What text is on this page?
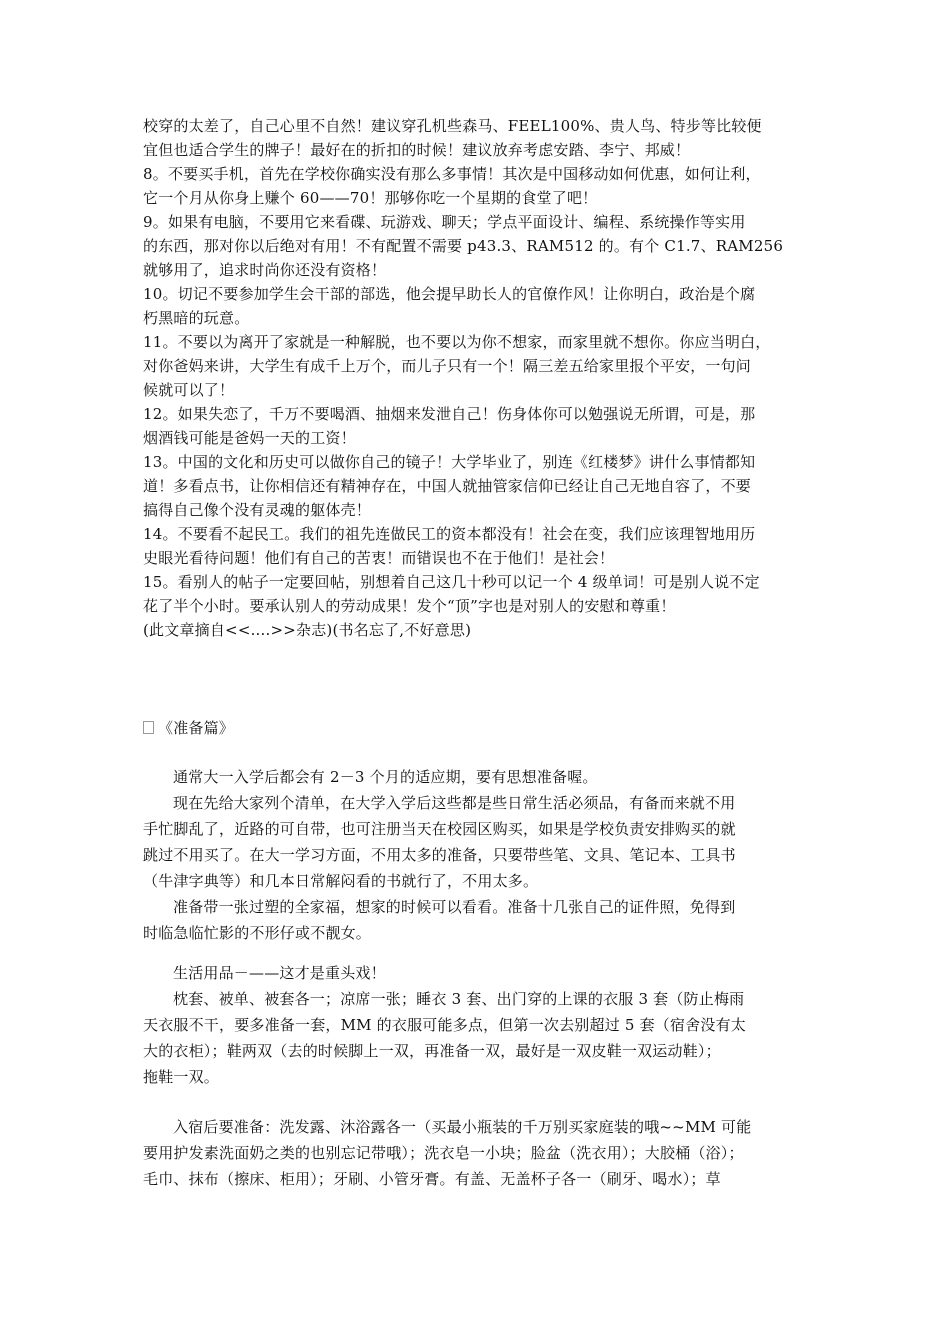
校穿的太差了，自己心里不自然！建议穿孔机些森马、FEEL100%、贵人鸟、特步等比较便
宜但也适合学生的牌子！最好在的折扣的时候！建议放弃考虑安踏、李宁、邦威！
8。不要买手机，首先在学校你确实没有那么多事情！其次是中国移动如何优惠，如何让利，
它一个月从你身上赚个 60——70！那够你吃一个星期的食堂了吧！
9。如果有电脑，不要用它来看碟、玩游戏、聊天；学点平面设计、编程、系统操作等实用
的东西，那对你以后绝对有用！不有配置不需要 p43.3、RAM512 的。有个 C1.7、RAM256
就够用了，追求时尚你还没有资格！
10。切记不要参加学生会干部的部选，他会提早助长人的官僚作风！让你明白，政治是个腐
朽黑暗的玩意。
11。不要以为离开了家就是一种解脱，也不要以为你不想家，而家里就不想你。你应当明白，
对你爸妈来讲，大学生有成千上万个，而儿子只有一个！隔三差五给家里报个平安，一句问
候就可以了！
12。如果失恋了，千万不要喝酒、抽烟来发泄自己！伤身体你可以勉强说无所谓，可是，那
烟酒钱可能是爸妈一天的工资！
13。中国的文化和历史可以做你自己的镜子！大学毕业了，别连《红楼梦》讲什么事情都知
道！多看点书，让你相信还有精神存在，中国人就抽管家信仰已经让自己无地自容了，不要
搞得自己像个没有灵魂的躯体壳！
14。不要看不起民工。我们的祖先连做民工的资本都没有！社会在变，我们应该理智地用历
史眼光看待问题！他们有自己的苦衷！而错误也不在于他们！是社会！
15。看别人的帖子一定要回帖，别想着自己这几十秒可以记一个 4 级单词！可是别人说不定
花了半个小时。要承认别人的劳动成果！发个“顶”字也是对别人的安慰和尊重！
(此文章摘自<<....>>杂志)(书名忘了,不好意思)
《准备篇》
通常大一入学后都会有 2－3 个月的适应期，要有思想准备喔。
现在先给大家列个清单，在大学入学后这些都是些日常生活必须品，有备而来就不用
手忙脚乱了，近路的可自带，也可注册当天在校园区购买，如果是学校负责安排购买的就
跳过不用买了。在大一学习方面，不用太多的准备，只要带些笔、文具、笔记本、工具书
（牛津字典等）和几本日常解闷看的书就行了，不用太多。
准备带一张过塑的全家福，想家的时候可以看看。准备十几张自己的证件照，免得到
时临急临忙影的不形仔或不靓女。
生活用品－——这才是重头戏！
枕套、被单、被套各一；凉席一张；睡衣 3 套、出门穿的上课的衣服 3 套（防止梅雨
天衣服不干，要多准备一套，MM 的衣服可能多点，但第一次去别超过 5 套（宿舍没有太
大的衣柜）；鞋两双（去的时候脚上一双，再准备一双，最好是一双皮鞋一双运动鞋）；
拖鞋一双。
入宿后要准备：洗发露、沐浴露各一（买最小瓶装的千万别买家庭装的哦~~MM 可能
要用护发素洗面奶之类的也别忘记带哦）；洗衣皂一小块；脸盆（洗衣用）；大胶桶（浴）；
毛巾、抹布（擦床、柜用）；牙刷、小管牙膏。有盖、无盖杯子各一（刷牙、喝水）；草
